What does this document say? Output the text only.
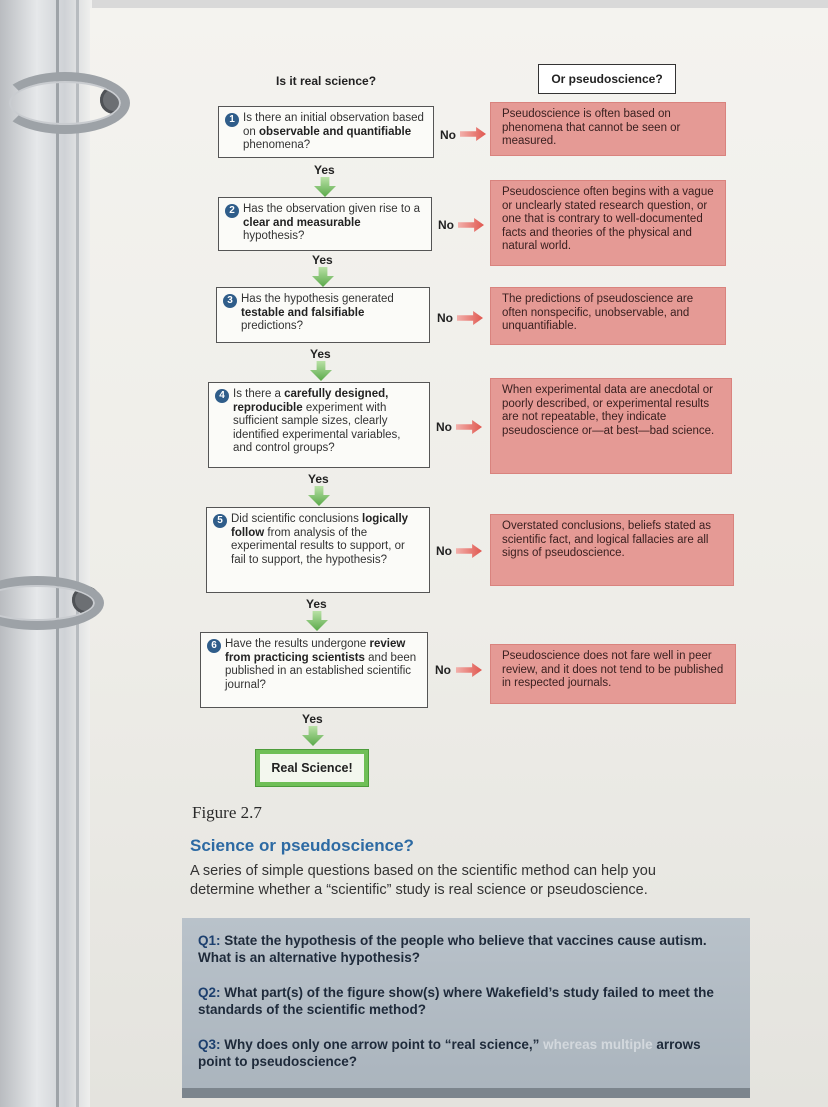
Is it real science?	Or pseudoscience?
1 Is there an initial observation based on observable and quantifiable phenomena?
No
Pseudoscience is often based on phenomena that cannot be seen or measured.
Yes
2 Has the observation given rise to a clear and measurable hypothesis?
No
Pseudoscience often begins with a vague or unclearly stated research question, or one that is contrary to well-documented facts and theories of the physical and natural world.
Yes
3 Has the hypothesis generated testable and falsifiable predictions?
No
The predictions of pseudoscience are often nonspecific, unobservable, and unquantifiable.
Yes
4 Is there a carefully designed, reproducible experiment with sufficient sample sizes, clearly identified experimental variables, and control groups?
No
When experimental data are anecdotal or poorly described, or experimental results are not repeatable, they indicate pseudoscience or—at best—bad science.
Yes
5 Did scientific conclusions logically follow from analysis of the experimental results to support, or fail to support, the hypothesis?
No
Overstated conclusions, beliefs stated as scientific fact, and logical fallacies are all signs of pseudoscience.
Yes
6 Have the results undergone review from practicing scientists and been published in an established scientific journal?
No
Pseudoscience does not fare well in peer review, and it does not tend to be published in respected journals.
Yes
Real Science!
Figure 2.7
Science or pseudoscience?
A series of simple questions based on the scientific method can help you determine whether a “scientific” study is real science or pseudoscience.
Q1: State the hypothesis of the people who believe that vaccines cause autism. What is an alternative hypothesis?
Q2: What part(s) of the figure show(s) where Wakefield’s study failed to meet the standards of the scientific method?
Q3: Why does only one arrow point to “real science,” whereas multiple arrows point to pseudoscience?
